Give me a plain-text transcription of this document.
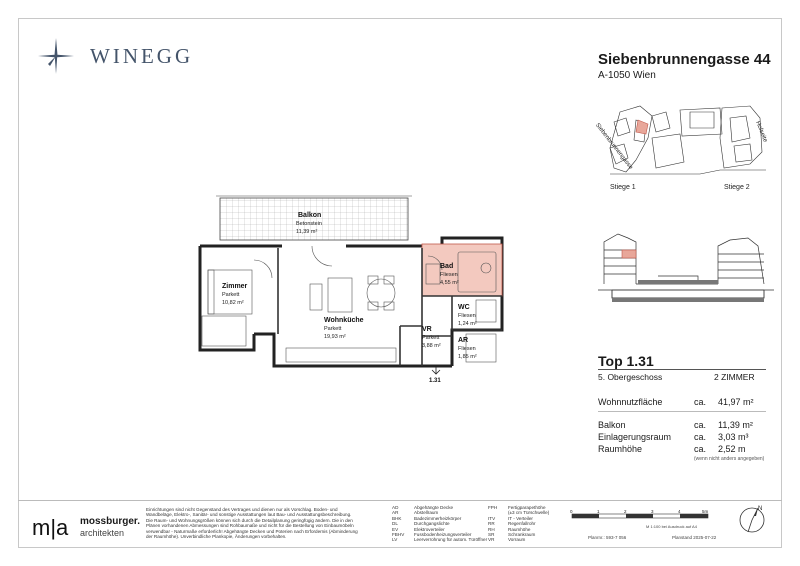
WINEGG	Siebenbrunnengasse 44
A-1050 Wien
Siebenbrunnengasse	Hofseite
Stiege 1	Stiege 2
Balkon
Betonstein
11,39 m²
Zimmer
Parkett
10,82 m²
Wohnküche
Parkett
19,93 m²
Bad
Fliesen
4,55 m²
WC
Fliesen
1,24 m²
AR
Fliesen
1,85 m²
VR
Parkett
3,88 m²
1.31
Top 1.31
5. Obergeschoss	2 ZIMMER
Wohnnutzfläche	ca. 41,97 m²
Balkon	ca. 11,39 m²
Einlagerungsraum	ca. 3,03 m³
Raumhöhe	ca. 2,52 m
(wenn nicht anders angegeben)
m|a mossburger.
architekten
Einrichtungen sind nicht Gegenstand des Vertrages und dienen nur als Vorschlag. Boden- und
Wandbeläge, Elektro-, Sanitär- und sonstige Ausstattungen laut Bau- und Ausstattungsbeschreibung.
Die Raum- und Wohnungsgrößen können sich durch die Detailplanung geringfügig ändern. Die in den
Plänen vorhandenen Abmessungen sind Rohbaumaße und nicht für die Bestellung von Einbaumöbeln
verwendbar - Naturmaße erforderlich! Abgehängte Decken und Poterien nach Erfordernis (Abminderung
der Raumhöhe). Unverbindliche Plankopie, Änderungen vorbehalten.
AD	Abgehängte Decke
AR	Abstellraum
BHK	Badezimmerheizkörper
DL	Durchgangslichte
EV	Elektroverteiler
FBHV Fussbodenheizungsverteiler
LV	Leerverrohrung für autom. Türöffner
FPH Fertigparapethöhe
(±3 cm Türschwelle)
ITV	IT - Verteiler
RR	Regenfallrohr
RH	Raumhöhe
SR	Schrankraum
VR	Vorraum
0	1	2	3	4	5m
M 1:100 bei Ausdruck auf A4
Planrnr.: 593-7 056	Planstand 2025-07-22
N
